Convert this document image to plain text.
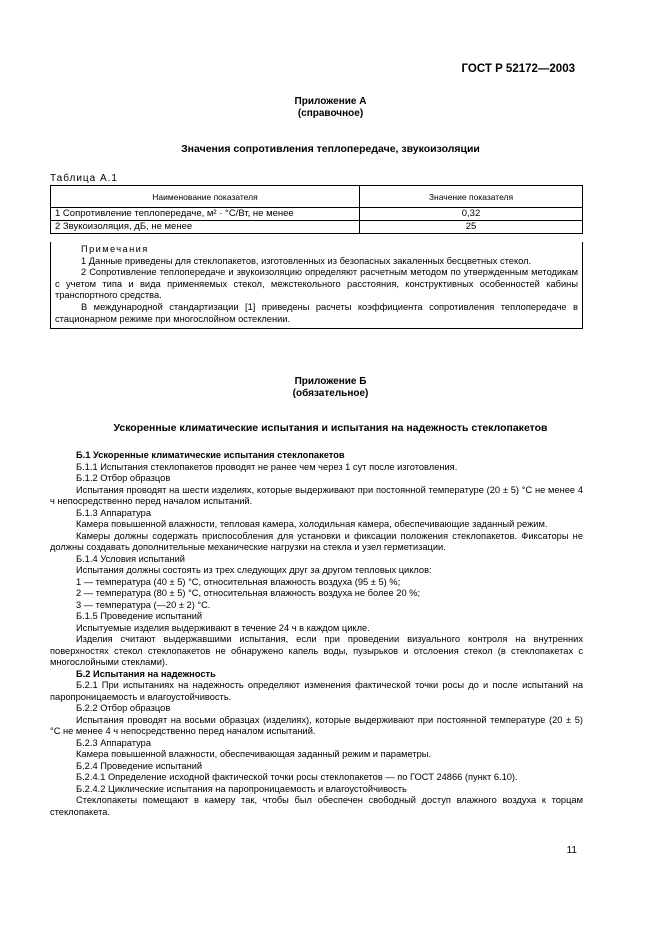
ГОСТ Р 52172—2003
Приложение А
(справочное)
Значения сопротивления теплопередаче, звукоизоляции
Таблица А.1
Наименование показателя	Значение показателя
1 Сопротивление теплопередаче, м² · °С/Вт, не менее	0,32
2 Звукоизоляция, дБ, не менее	25

Примечания

1 Данные приведены для стеклопакетов, изготовленных из безопасных закаленных бесцветных стекол.

2 Сопротивление теплопередаче и звукоизоляцию определяют расчетным методом по утвержденным методикам с учетом типа и вида применяемых стекол, межстекольного расстояния, конструктивных особенностей кабины транспортного средства.

В международной стандартизации [1] приведены расчеты коэффициента сопротивления теплопередаче в стационарном режиме при многослойном остеклении.

Приложение Б
(обязательное)
Ускоренные климатические испытания и испытания на надежность стеклопакетов

Б.1 Ускоренные климатические испытания стеклопакетов

Б.1.1 Испытания стеклопакетов проводят не ранее чем через 1 сут после изготовления.

Б.1.2 Отбор образцов

Испытания проводят на шести изделиях, которые выдерживают при постоянной температуре (20 ± 5) °С не менее 4 ч непосредственно перед началом испытаний.

Б.1.3 Аппаратура

Камера повышенной влажности, тепловая камера, холодильная камера, обеспечивающие заданный режим.

Камеры должны содержать приспособления для установки и фиксации положения стеклопакетов. Фиксаторы не должны создавать дополнительные механические нагрузки на стекла и узел герметизации.

Б.1.4 Условия испытаний

Испытания должны состоять из трех следующих друг за другом тепловых циклов:

1 — температура (40 ± 5) °С, относительная влажность воздуха (95 ± 5) %;

2 — температура (80 ± 5) °С, относительная влажность воздуха не более 20 %;

3 — температура (—20 ± 2) °С.

Б.1.5 Проведение испытаний

Испытуемые изделия выдерживают в течение 24 ч в каждом цикле.

Изделия считают выдержавшими испытания, если при проведении визуального контроля на внутренних поверхностях стекол стеклопакетов не обнаружено капель воды, пузырьков и отслоения стекол (в стеклопакетах с многослойными стеклами).

Б.2 Испытания на надежность

Б.2.1 При испытаниях на надежность определяют изменения фактической точки росы до и после испытаний на паропроницаемость и влагоустойчивость.

Б.2.2 Отбор образцов

Испытания проводят на восьми образцах (изделиях), которые выдерживают при постоянной температуре (20 ± 5) °С не менее 4 ч непосредственно перед началом испытаний.

Б.2.3 Аппаратура

Камера повышенной влажности, обеспечивающая заданный режим и параметры.

Б.2.4 Проведение испытаний

Б.2.4.1 Определение исходной фактической точки росы стеклопакетов — по ГОСТ 24866 (пункт 6.10).

Б.2.4.2 Циклические испытания на паропроницаемость и влагоустойчивость

Стеклопакеты помещают в камеру так, чтобы был обеспечен свободный доступ влажного воздуха к торцам стеклопакета.

11
